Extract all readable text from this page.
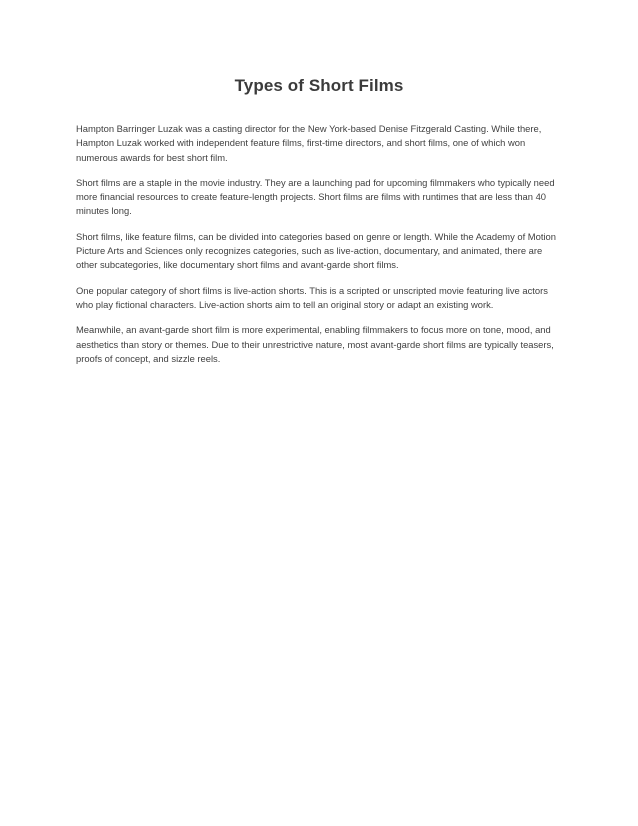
Types of Short Films

Hampton Barringer Luzak was a casting director for the New York-based Denise Fitzgerald Casting. While there, Hampton Luzak worked with independent feature films, first-time directors, and short films, one of which won numerous awards for best short film.

Short films are a staple in the movie industry. They are a launching pad for upcoming filmmakers who typically need more financial resources to create feature-length projects. Short films are films with runtimes that are less than 40 minutes long.

Short films, like feature films, can be divided into categories based on genre or length. While the Academy of Motion Picture Arts and Sciences only recognizes categories, such as live-action, documentary, and animated, there are other subcategories, like documentary short films and avant-garde short films.

One popular category of short films is live-action shorts. This is a scripted or unscripted movie featuring live actors who play fictional characters. Live-action shorts aim to tell an original story or adapt an existing work.

Meanwhile, an avant-garde short film is more experimental, enabling filmmakers to focus more on tone, mood, and aesthetics than story or themes. Due to their unrestrictive nature, most avant-garde short films are typically teasers, proofs of concept, and sizzle reels.
